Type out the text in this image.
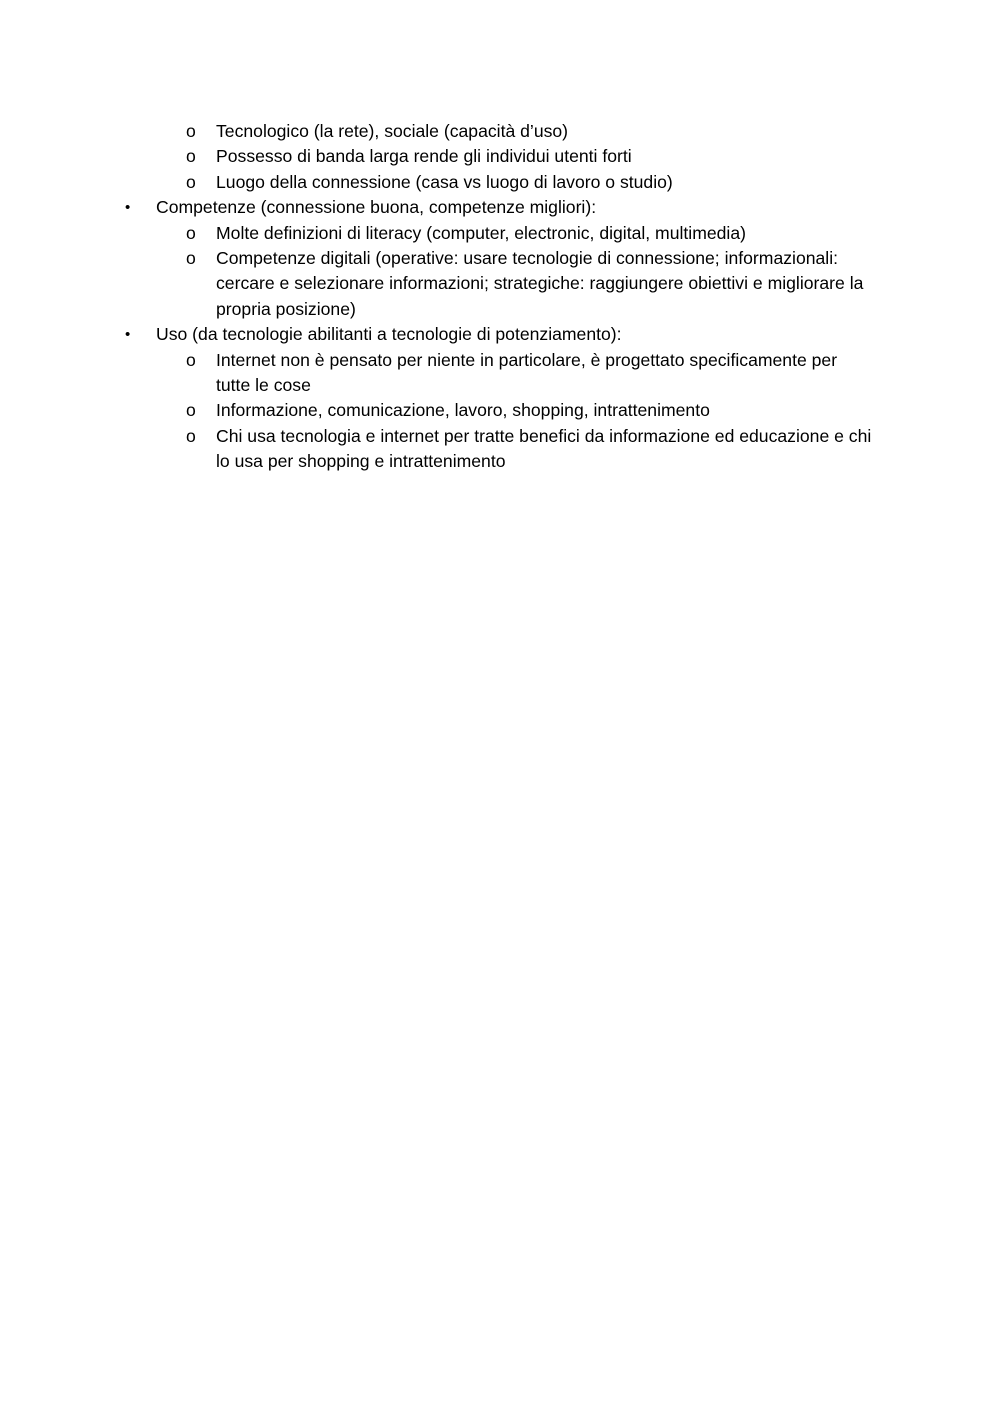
o Tecnologico (la rete), sociale (capacità d’uso)
o Possesso di banda larga rende gli individui utenti forti
o Luogo della connessione (casa vs luogo di lavoro o studio)
• Competenze (connessione buona, competenze migliori):
o Molte definizioni di literacy (computer, electronic, digital, multimedia)
o Competenze digitali (operative: usare tecnologie di connessione; informazionali:
cercare e selezionare informazioni; strategiche: raggiungere obiettivi e migliorare la
propria posizione)
• Uso (da tecnologie abilitanti a tecnologie di potenziamento):
o Internet non è pensato per niente in particolare, è progettato specificamente per
tutte le cose
o Informazione, comunicazione, lavoro, shopping, intrattenimento
o Chi usa tecnologia e internet per tratte benefici da informazione ed educazione e chi
lo usa per shopping e intrattenimento
